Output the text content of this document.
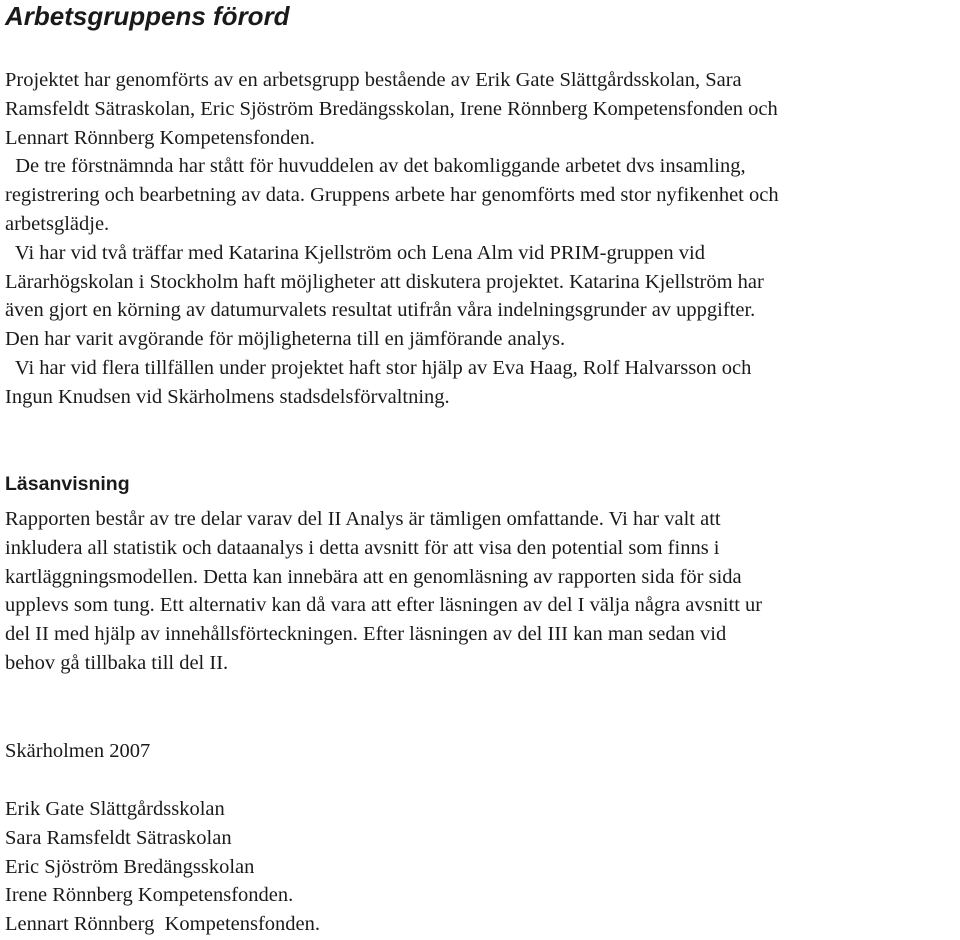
Arbetsgruppens förord
Projektet har genomförts av en arbetsgrupp bestående av Erik Gate Slättgårdsskolan, Sara
Ramsfeldt Sätraskolan, Eric Sjöström Bredängsskolan, Irene Rönnberg Kompetensfonden och
Lennart Rönnberg Kompetensfonden.
De tre förstnämnda har stått för huvuddelen av det bakomliggande arbetet dvs insamling,
registrering och bearbetning av data. Gruppens arbete har genomförts med stor nyfikenhet och
arbetsglädje.
Vi har vid två träffar med Katarina Kjellström och Lena Alm vid PRIM-gruppen vid
Lärarhögskolan i Stockholm haft möjligheter att diskutera projektet. Katarina Kjellström har
även gjort en körning av datumurvalets resultat utifrån våra indelningsgrunder av uppgifter.
Den har varit avgörande för möjligheterna till en jämförande analys.
Vi har vid flera tillfällen under projektet haft stor hjälp av Eva Haag, Rolf Halvarsson och
Ingun Knudsen vid Skärholmens stadsdelsförvaltning.
Läsanvisning
Rapporten består av tre delar varav del II Analys är tämligen omfattande. Vi har valt att
inkludera all statistik och dataanalys i detta avsnitt för att visa den potential som finns i
kartläggningsmodellen. Detta kan innebära att en genomläsning av rapporten sida för sida
upplevs som tung. Ett alternativ kan då vara att efter läsningen av del I välja några avsnitt ur
del II med hjälp av innehållsförteckningen. Efter läsningen av del III kan man sedan vid
behov gå tillbaka till del II.
Skärholmen 2007
Erik Gate Slättgårdsskolan
Sara Ramsfeldt Sätraskolan
Eric Sjöström Bredängsskolan
Irene Rönnberg Kompetensfonden.
Lennart Rönnberg  Kompetensfonden.
